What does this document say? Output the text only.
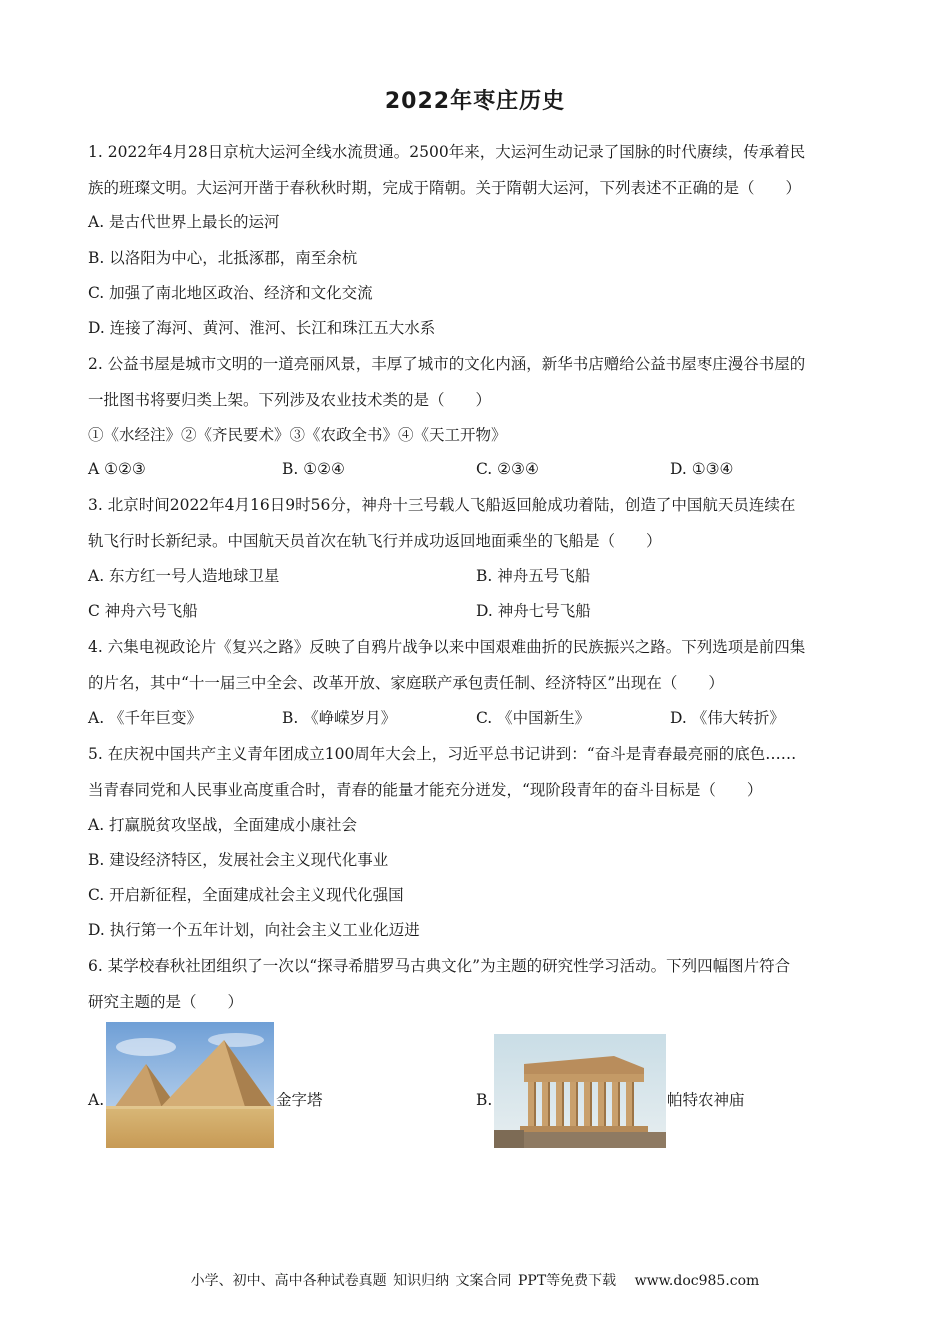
2022年枣庄历史
1. 2022年4月28日京杭大运河全线水流贯通。2500年来，大运河生动记录了国脉的时代赓续，传承着民
族的班璨文明。大运河开凿于春秋秋时期，完成于隋朝。关于隋朝大运河，下列表述不正确的是（　　）
A. 是古代世界上最长的运河
B. 以洛阳为中心，北抵涿郡，南至余杭
C. 加强了南北地区政治、经济和文化交流
D. 连接了海河、黄河、淮河、长江和珠江五大水系
2. 公益书屋是城市文明的一道亮丽风景，丰厚了城市的文化内涵，新华书店赠给公益书屋枣庄漫谷书屋的
一批图书将要归类上架。下列涉及农业技术类的是（　　）
①《水经注》②《齐民要术》③《农政全书》④《天工开物》
A ①②③	B. ①②④	C. ②③④	D. ①③④
3. 北京时间2022年4月16日9时56分，神舟十三号载人飞船返回舱成功着陆，创造了中国航天员连续在
轨飞行时长新纪录。中国航天员首次在轨飞行并成功返回地面乘坐的飞船是（　　）
A. 东方红一号人造地球卫星	B. 神舟五号飞船
C 神舟六号飞船	D. 神舟七号飞船
4. 六集电视政论片《复兴之路》反映了自鸦片战争以来中国艰难曲折的民族振兴之路。下列选项是前四集
的片名，其中“十一届三中全会、改革开放、家庭联产承包责任制、经济特区”出现在（　　）
A. 《千年巨变》	B. 《峥嵘岁月》	C. 《中国新生》	D. 《伟大转折》
5. 在庆祝中国共产主义青年团成立100周年大会上，习近平总书记讲到：“奋斗是青春最亮丽的底色……
当青春同党和人民事业高度重合时，青春的能量才能充分迸发，“现阶段青年的奋斗目标是（　　）
A. 打赢脱贫攻坚战，全面建成小康社会
B. 建设经济特区，发展社会主义现代化事业
C. 开启新征程，全面建成社会主义现代化强国
D. 执行第一个五年计划，向社会主义工业化迈进
6. 某学校春秋社团组织了一次以“探寻希腊罗马古典文化”为主题的研究性学习活动。下列四幅图片符合
研究主题的是（　　）
A.	金字塔	B.	帕特农神庙
小学、初中、高中各种试卷真题 知识归纳 文案合同 PPT等免费下载 www.doc985.com
